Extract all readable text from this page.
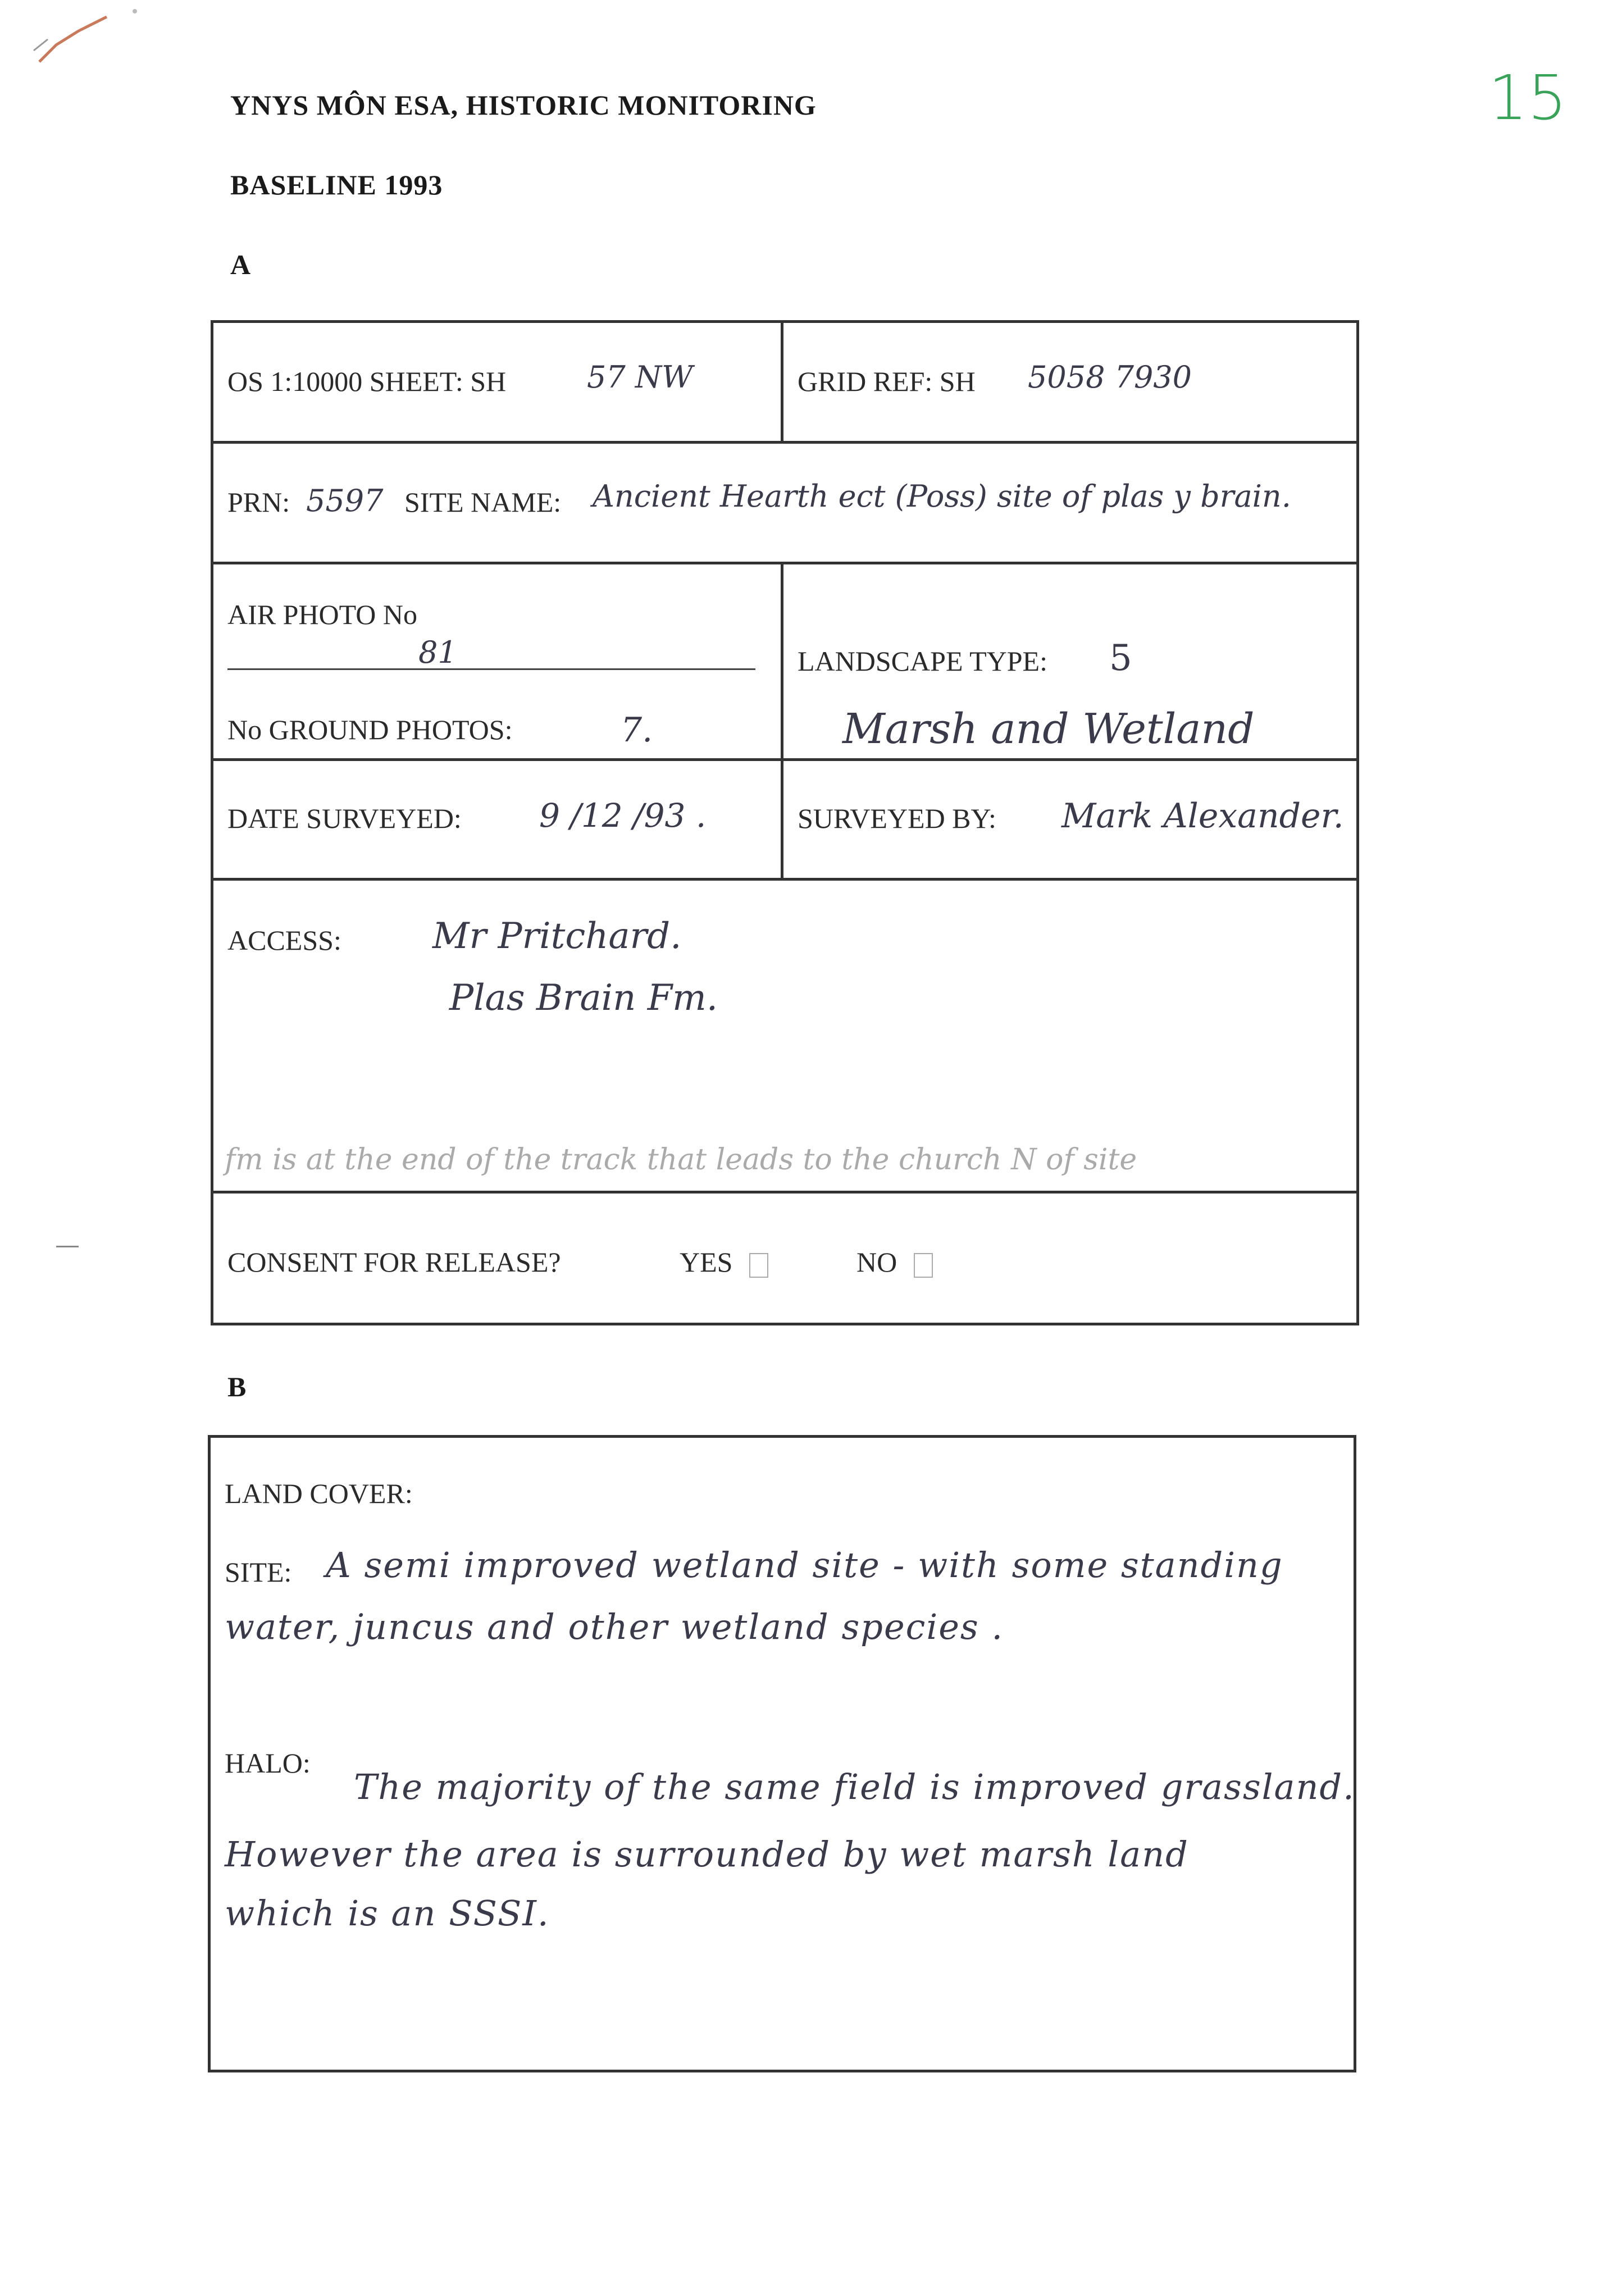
YNYS MÔN ESA, HISTORIC MONITORING
BASELINE 1993
15
A
OS 1:10000 SHEET: SH	57 NW	GRID REF: SH 5058 7930
PRN: 5597 SITE NAME: Ancient Hearth ect (Poss) site of plas y brain.
AIR PHOTO No
81
No GROUND PHOTOS:	7.
LANDSCAPE TYPE: 5
Marsh and Wetland
DATE SURVEYED: 9 /12 /93 .	SURVEYED BY: Mark Alexander.
ACCESS:	Mr Pritchard.
Plas Brain Fm.
fm is at the end of the track that leads to the church N of site
CONSENT FOR RELEASE?	YES	NO
B
LAND COVER:
SITE: A semi improved wetland site - with some standing
water, juncus and other wetland species .
HALO:
The majority of the same field is improved grassland.
However the area is surrounded by wet marsh land
which is an SSSI.
